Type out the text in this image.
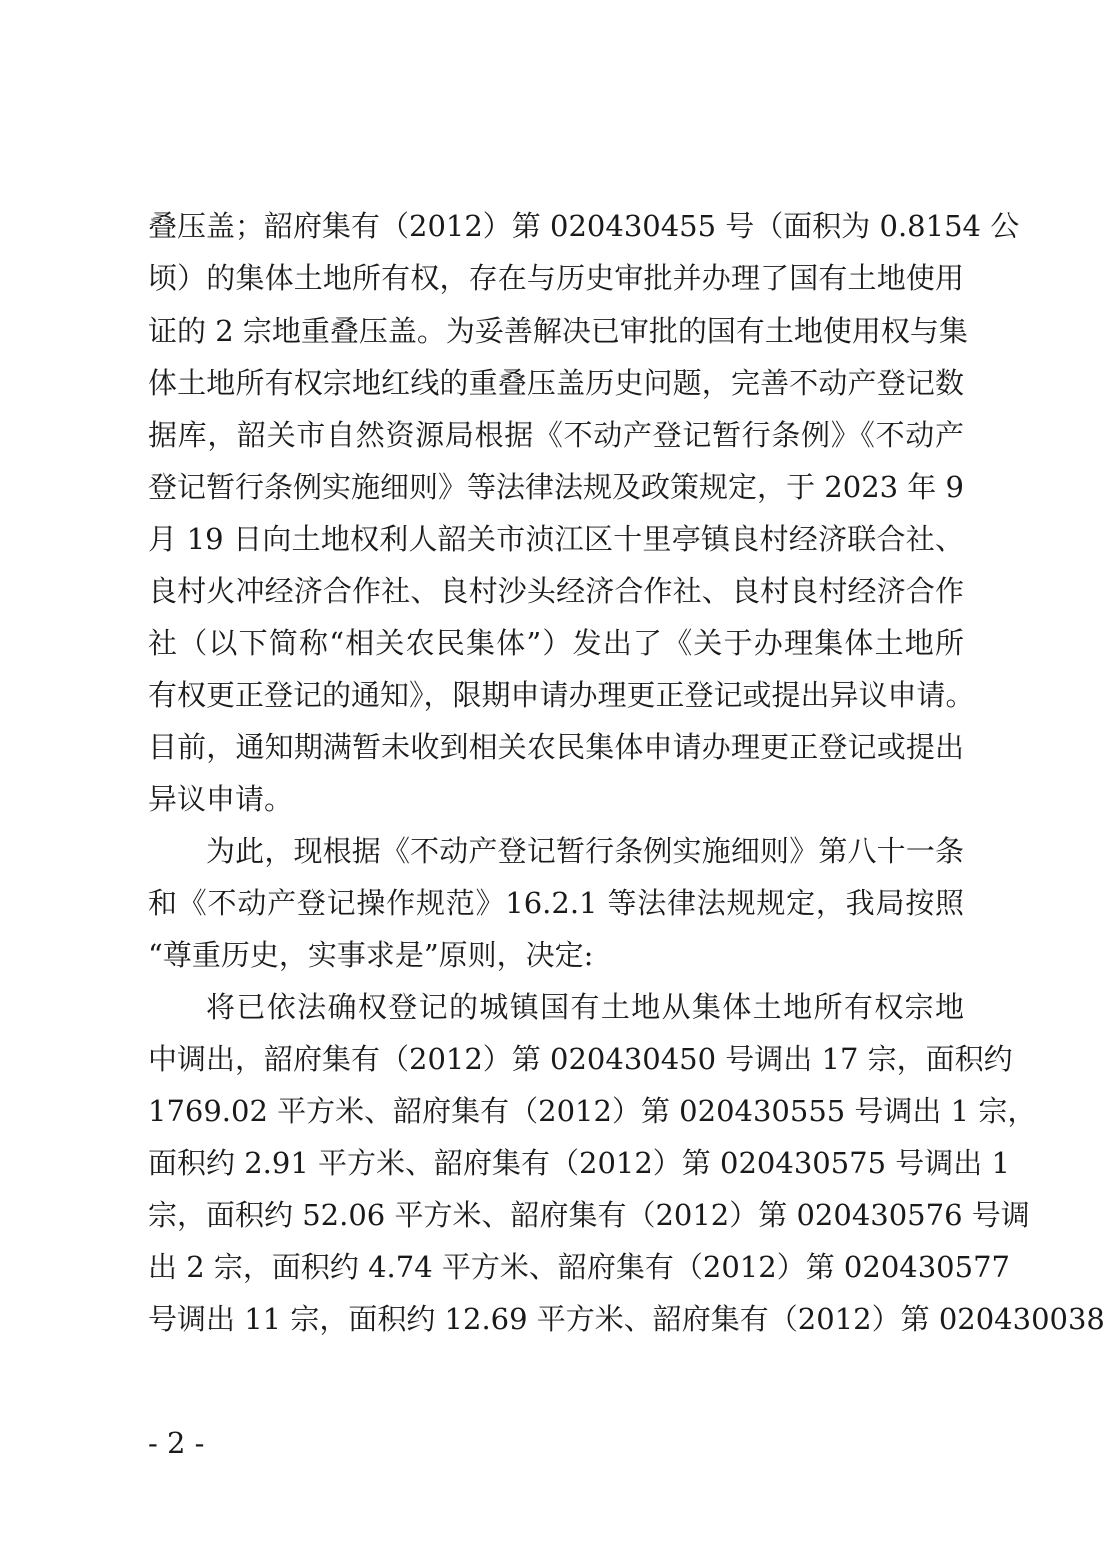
叠压盖；韶府集有（2012）第 020430455 号（面积为 0.8154 公
顷）的集体土地所有权，存在与历史审批并办理了国有土地使用
证的 2 宗地重叠压盖。为妥善解决已审批的国有土地使用权与集
体土地所有权宗地红线的重叠压盖历史问题，完善不动产登记数
据库，韶关市自然资源局根据《不动产登记暂行条例》《不动产
登记暂行条例实施细则》等法律法规及政策规定，于 2023 年 9
月 19 日向土地权利人韶关市浈江区十里亭镇良村经济联合社、
良村火冲经济合作社、良村沙头经济合作社、良村良村经济合作
社（以下简称“相关农民集体”）发出了《关于办理集体土地所
有权更正登记的通知》，限期申请办理更正登记或提出异议申请。
目前，通知期满暂未收到相关农民集体申请办理更正登记或提出
异议申请。
为此，现根据《不动产登记暂行条例实施细则》第八十一条
和《不动产登记操作规范》16.2.1 等法律法规规定，我局按照
“尊重历史，实事求是”原则，决定:
将已依法确权登记的城镇国有土地从集体土地所有权宗地
中调出，韶府集有（2012）第 020430450 号调出 17 宗，面积约
1769.02 平方米、韶府集有（2012）第 020430555 号调出 1 宗，
面积约 2.91 平方米、韶府集有（2012）第 020430575 号调出 1
宗，面积约 52.06 平方米、韶府集有（2012）第 020430576 号调
出 2 宗，面积约 4.74 平方米、韶府集有（2012）第 020430577
号调出 11 宗，面积约 12.69 平方米、韶府集有（2012）第 020430038
- 2 -
